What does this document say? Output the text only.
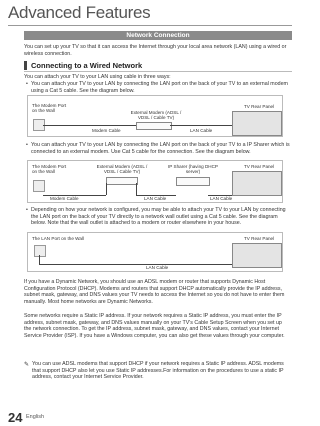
Advanced Features
Network Connection
You can set up your TV so that it can access the Internet through your local area network (LAN) using a wired or wireless connection.
Connecting to a Wired Network
You can attach your TV to your LAN using cable in three ways:
• You can attach your TV to your LAN by connecting the LAN port on the back of your TV to an external modem using a Cat 5 cable. See the diagram below.
The Modem Port on the Wall	External Modem (ADSL / VDSL / Cable TV)
TV Rear Panel
Modem Cable	LAN Cable
• You can attach your TV to your LAN by connecting the LAN port on the back of your TV to a IP Sharer which is connected to an external modem. Use Cat 5 cable for the connection. See the diagram below.
The Modem Port on the Wall
External Modem (ADSL / VDSL / Cable TV)
IP Sharer (having DHCP server)
TV Rear Panel
Modem Cable	LAN Cable	LAN Cable
• Depending on how your network is configured, you may be able to attach your TV to your LAN by connecting the LAN port on the back of your TV directly to a network wall outlet using a Cat 5 cable. See the diagram below. Note that the wall outlet is attached to a modem or router elsewhere in your house.
The LAN Port on the Wall	TV Rear Panel
LAN Cable
If you have a Dynamic Network, you should use an ADSL modem or router that supports Dynamic Host Configuration Protocol (DHCP). Modems and routers that support DHCP automatically provide the IP address, subnet mask, gateway, and DNS values your TV needs to access the Internet so you do not have to enter them manually. Most home networks are Dynamic Networks.
Some networks require a Static IP address. If your network requires a Static IP address, you must enter the IP address, subnet mask, gateway, and DNS values manually on your TV's Cable Setup Screen when you set up the network connection. To get the IP address, subnet mask, gateway, and DNS values, contact your Internet Service Provider (ISP). If you have a Windows computer, you can also get these values through your computer.
✎ You can use ADSL modems that support DHCP if your network requires a Static IP address. ADSL modems that support DHCP also let you use Static IP addresses.For information on the procedures to use a static IP address, contact your Internet Service Provider.
24 English
